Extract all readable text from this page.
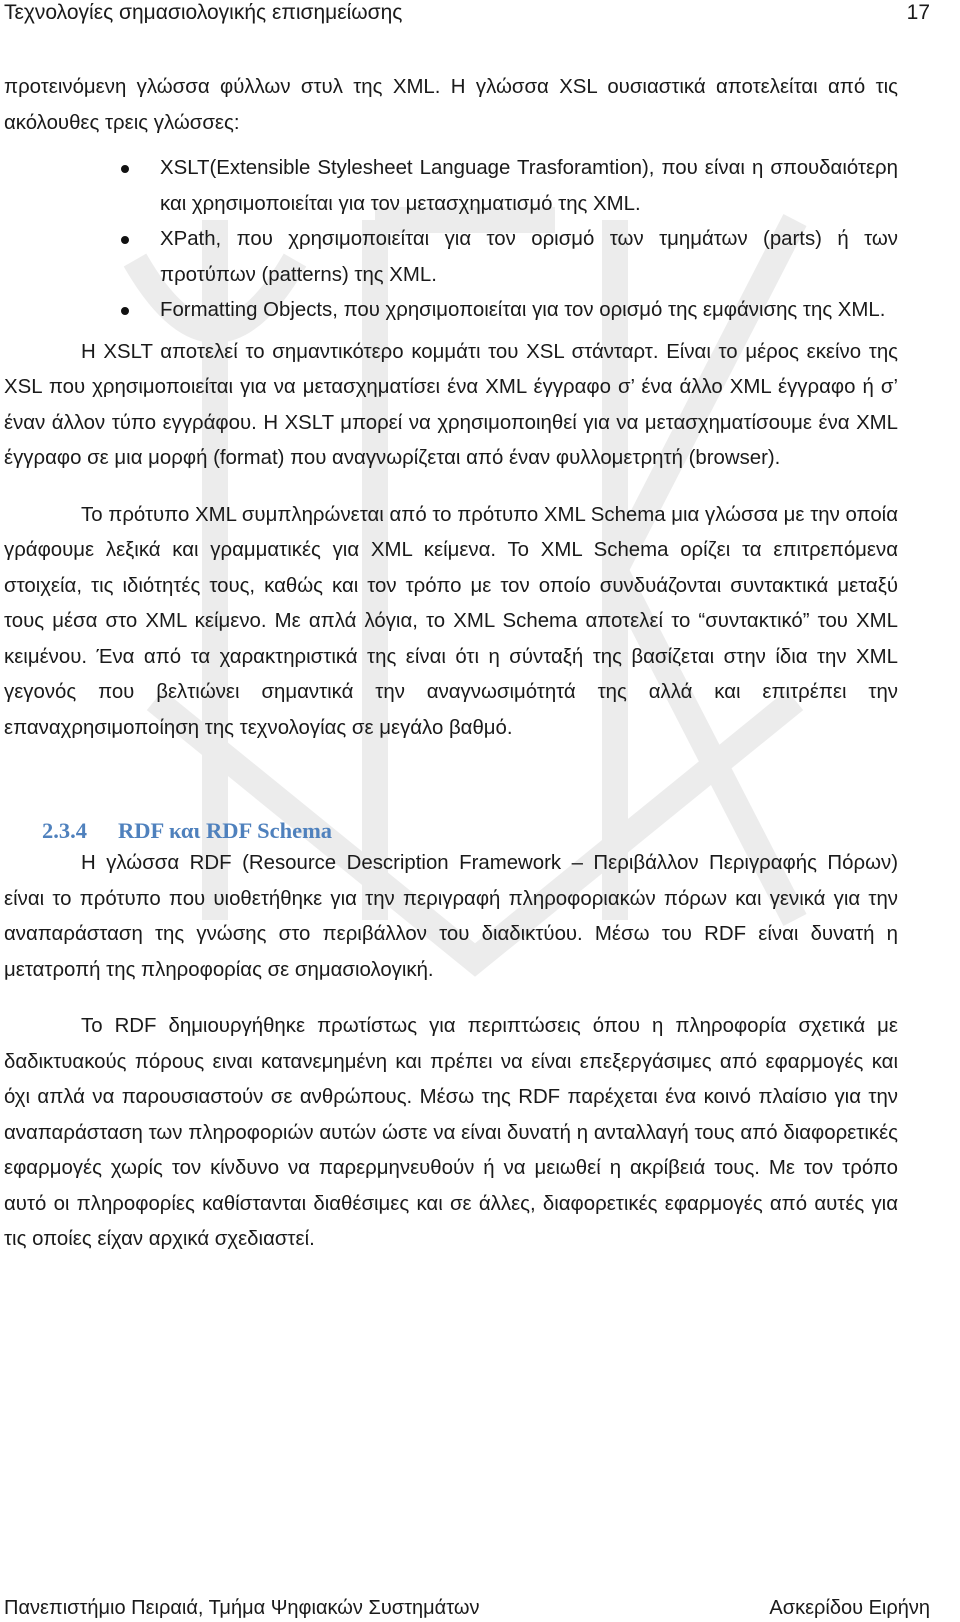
Τεχνολογίες σημασιολογικής επισημείωσης	17

προτεινόμενη γλώσσα φύλλων στυλ της XML. Η γλώσσα XSL ουσιαστικά αποτελείται από τις ακόλουθες τρεις γλώσσες:

XSLT(Extensible Stylesheet Language Trasforamtion), που είναι η σπουδαιότερη και χρησιμοποιείται για τον μετασχηματισμό της XML.
XPath, που χρησιμοποιείται για τον ορισμό των τμημάτων (parts) ή των προτύπων (patterns) της XML.
Formatting Objects, που χρησιμοποιείται για τον ορισμό της εμφάνισης της XML.

Η XSLT αποτελεί το σημαντικότερο κομμάτι του XSL στάνταρτ. Είναι το μέρος εκείνο της XSL που χρησιμοποιείται για να μετασχηματίσει ένα XML έγγραφο σ’ ένα άλλο XML έγγραφο ή σ’ έναν άλλον τύπο εγγράφου. Η XSLT μπορεί να χρησιμοποιηθεί για να μετασχηματίσουμε ένα XML έγγραφο σε μια μορφή (format) που αναγνωρίζεται από έναν φυλλομετρητή (browser).

Το πρότυπο XML συμπληρώνεται από το πρότυπο XML Schema μια γλώσσα με την οποία γράφουμε λεξικά και γραμματικές για XML κείμενα. Το XML Schema ορίζει τα επιτρεπόμενα στοιχεία, τις ιδιότητές τους, καθώς και τον τρόπο με τον οποίο συνδυάζονται συντακτικά μεταξύ τους μέσα στο XML κείμενο. Με απλά λόγια, το XML Schema αποτελεί το “συντακτικό” του XML κειμένου. Ένα από τα χαρακτηριστικά της είναι ότι η σύνταξή της βασίζεται στην ίδια την XML γεγονός που βελτιώνει σημαντικά την αναγνωσιμότητά της αλλά και επιτρέπει την επαναχρησιμοποίηση της τεχνολογίας σε μεγάλο βαθμό.

2.3.4 RDF και RDF Schema

Η γλώσσα RDF (Resource Description Framework – Περιβάλλον Περιγραφής Πόρων) είναι το πρότυπο που υιοθετήθηκε για την περιγραφή πληροφοριακών πόρων και γενικά για την αναπαράσταση της γνώσης στο περιβάλλον του διαδικτύου. Μέσω του RDF είναι δυνατή η μετατροπή της πληροφορίας σε σημασιολογική.

Το RDF δημιουργήθηκε πρωτίστως για περιπτώσεις όπου η πληροφορία σχετικά με δαδικτυακούς πόρους ειναι κατανεμημένη και πρέπει να είναι επεξεργάσιμες από εφαρμογές και όχι απλά να παρουσιαστούν σε ανθρώπους. Μέσω της RDF παρέχεται ένα κοινό πλαίσιο για την αναπαράσταση των πληροφοριών αυτών ώστε να είναι δυνατή η ανταλλαγή τους από διαφορετικές εφαρμογές χωρίς τον κίνδυνο να παρερμηνευθούν ή να μειωθεί η ακρίβειά τους. Με τον τρόπο αυτό οι πληροφορίες καθίστανται διαθέσιμες και σε άλλες, διαφορετικές εφαρμογές από αυτές για τις οποίες είχαν αρχικά σχεδιαστεί.

Πανεπιστήμιο Πειραιά, Τμήμα Ψηφιακών Συστημάτων	Ασκερίδου Ειρήνη
